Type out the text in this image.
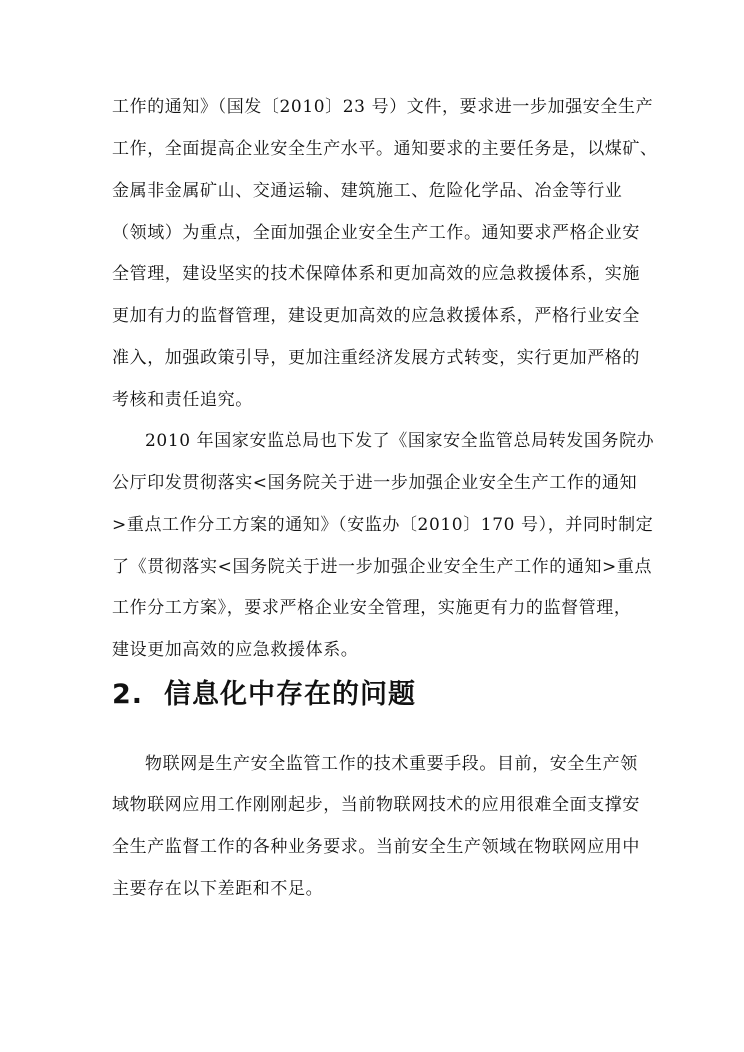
工作的通知》（国发〔2010〕23 号）文件，要求进一步加强安全生产
工作，全面提高企业安全生产水平。通知要求的主要任务是，以煤矿、
金属非金属矿山、交通运输、建筑施工、危险化学品、冶金等行业
（领域）为重点，全面加强企业安全生产工作。通知要求严格企业安
全管理，建设坚实的技术保障体系和更加高效的应急救援体系，实施
更加有力的监督管理，建设更加高效的应急救援体系，严格行业安全
准入，加强政策引导，更加注重经济发展方式转变，实行更加严格的
考核和责任追究。
2010 年国家安监总局也下发了《国家安全监管总局转发国务院办
公厅印发贯彻落实<国务院关于进一步加强企业安全生产工作的通知
>重点工作分工方案的通知》（安监办〔2010〕170 号），并同时制定
了《贯彻落实<国务院关于进一步加强企业安全生产工作的通知>重点
工作分工方案》，要求严格企业安全管理，实施更有力的监督管理，
建设更加高效的应急救援体系。
2. 信息化中存在的问题
物联网是生产安全监管工作的技术重要手段。目前，安全生产领
域物联网应用工作刚刚起步，当前物联网技术的应用很难全面支撑安
全生产监督工作的各种业务要求。当前安全生产领域在物联网应用中
主要存在以下差距和不足。
